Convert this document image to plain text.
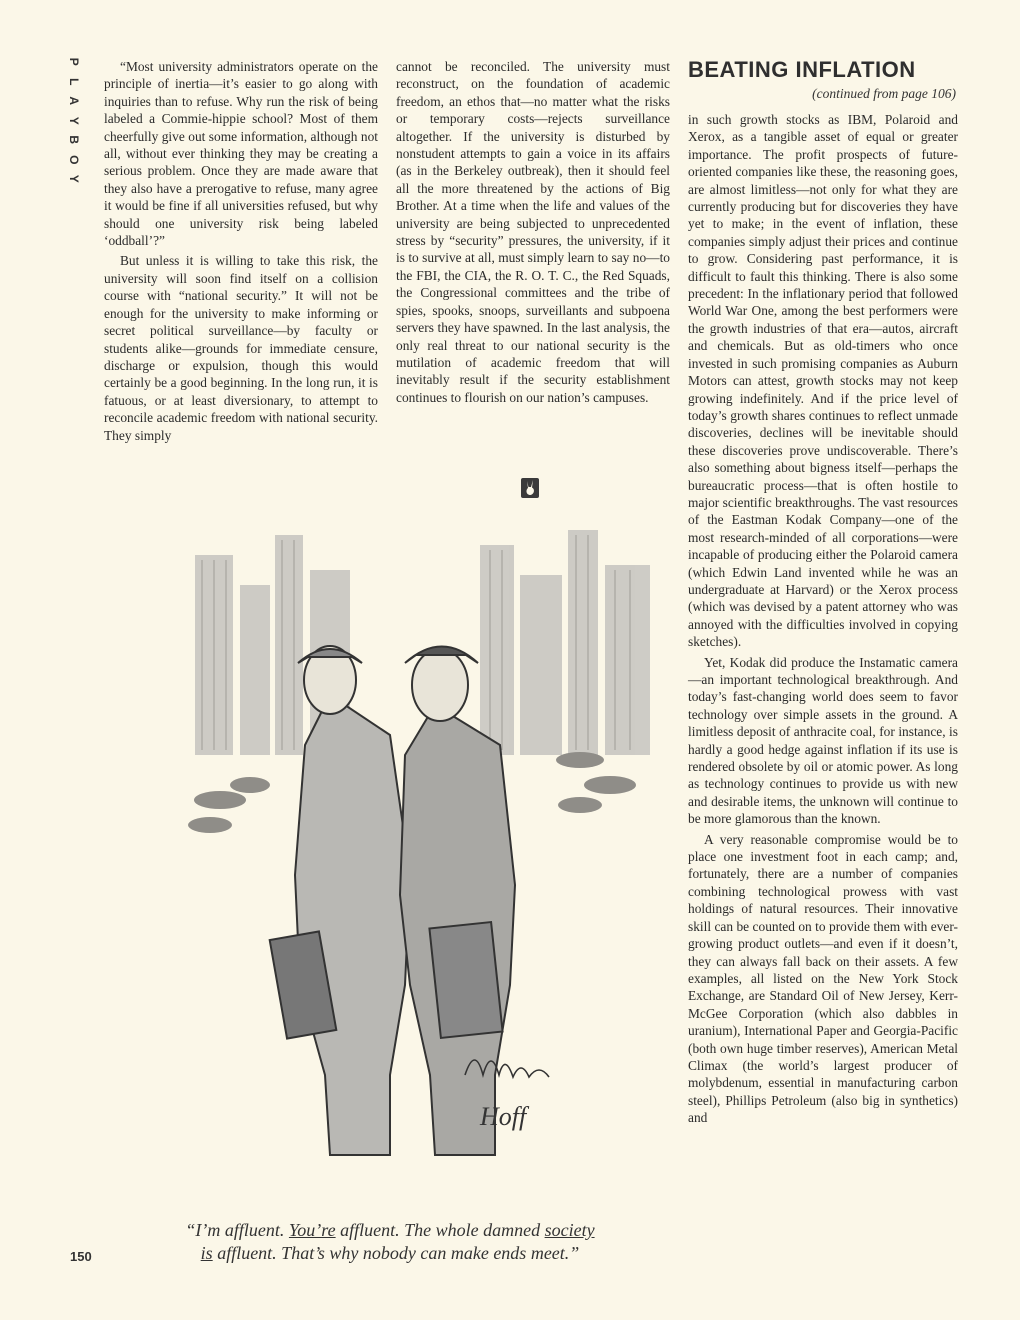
P
L
A
Y
B
O
Y

“Most university administrators operate on the principle of inertia—it’s easier to go along with inquiries than to refuse. Why run the risk of being labeled a Commie-hippie school? Most of them cheerfully give out some information, although not all, without ever thinking they may be creating a serious problem. Once they are made aware that they also have a prerogative to refuse, many agree it would be fine if all universities refused, but why should one university risk being labeled ‘oddball’?”

But unless it is willing to take this risk, the university will soon find itself on a collision course with “national security.” It will not be enough for the university to make informing or secret political surveillance—by faculty or students alike—grounds for immediate censure, discharge or expulsion, though this would certainly be a good beginning. In the long run, it is fatuous, or at least diversionary, to attempt to reconcile academic freedom with national security. They simply

cannot be reconciled. The university must reconstruct, on the foundation of academic freedom, an ethos that—no matter what the risks or temporary costs—rejects surveillance altogether. If the university is disturbed by nonstudent attempts to gain a voice in its affairs (as in the Berkeley outbreak), then it should feel all the more threatened by the actions of Big Brother. At a time when the life and values of the university are being subjected to unprecedented stress by “security” pressures, the university, if it is to survive at all, must simply learn to say no—to the FBI, the CIA, the R. O. T. C., the Red Squads, the Congressional committees and the tribe of spies, spooks, snoops, surveillants and subpoena servers they have spawned. In the last analysis, the only real threat to our national security is the mutilation of academic freedom that will inevitably result if the security establishment continues to flourish on our nation’s campuses.

BEATING INFLATION
(continued from page 106)

in such growth stocks as IBM, Polaroid and Xerox, as a tangible asset of equal or greater importance. The profit prospects of future-oriented companies like these, the reasoning goes, are almost limitless—not only for what they are currently producing but for discoveries they have yet to make; in the event of inflation, these companies simply adjust their prices and continue to grow. Considering past performance, it is difficult to fault this thinking. There is also some precedent: In the inflationary period that followed World War One, among the best performers were the growth industries of that era—autos, aircraft and chemicals. But as old-timers who once invested in such promising companies as Auburn Motors can attest, growth stocks may not keep growing indefinitely. And if the price level of today’s growth shares continues to reflect unmade discoveries, declines will be inevitable should these discoveries prove undiscoverable. There’s also something about bigness itself—perhaps the bureaucratic process—that is often hostile to major scientific breakthroughs. The vast resources of the Eastman Kodak Company—one of the most research-minded of all corporations—were incapable of producing either the Polaroid camera (which Edwin Land invented while he was an undergraduate at Harvard) or the Xerox process (which was devised by a patent attorney who was annoyed with the difficulties involved in copying sketches).

Yet, Kodak did produce the Instamatic camera—an important technological breakthrough. And today’s fast-changing world does seem to favor technology over simple assets in the ground. A limitless deposit of anthracite coal, for instance, is hardly a good hedge against inflation if its use is rendered obsolete by oil or atomic power. As long as technology continues to provide us with new and desirable items, the unknown will continue to be more glamorous than the known.

A very reasonable compromise would be to place one investment foot in each camp; and, fortunately, there are a number of companies combining technological prowess with vast holdings of natural resources. Their innovative skill can be counted on to provide them with ever-growing product outlets—and even if it doesn’t, they can always fall back on their assets. A few examples, all listed on the New York Stock Exchange, are Standard Oil of New Jersey, Kerr-McGee Corporation (which also dabbles in uranium), International Paper and Georgia-Pacific (both own huge timber reserves), American Metal Climax (the world’s largest producer of molybdenum, essential in manufacturing carbon steel), Phillips Petroleum (also big in synthetics) and

Hoff
“I’m affluent. You’re affluent. The whole damned society
is affluent. That’s why nobody can make ends meet.”
150
